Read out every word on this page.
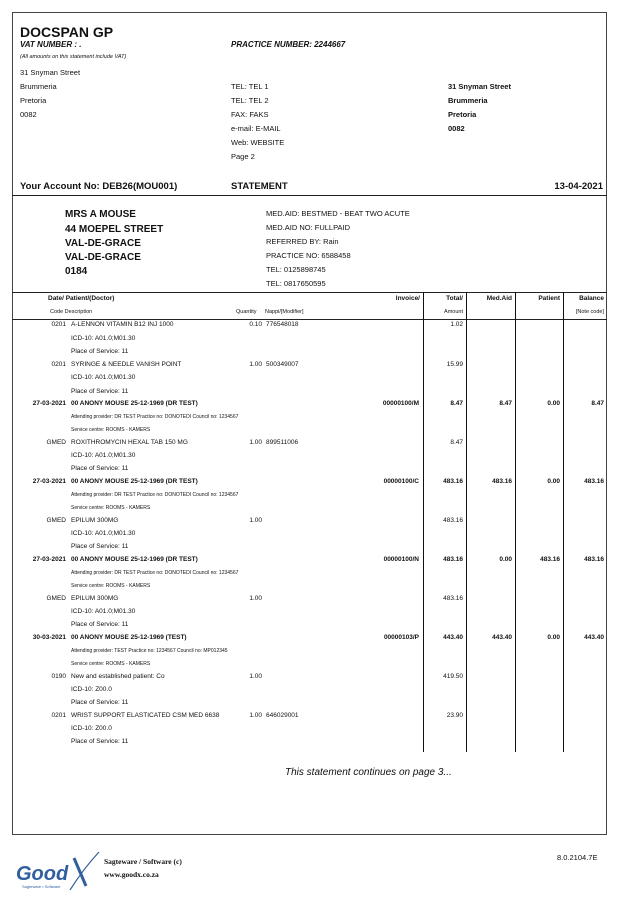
DOCSPAN GP
VAT NUMBER : .	PRACTICE NUMBER: 2244667
(All amounts on this statement include VAT)
31 Snyman Street
Brummeria
Pretoria
0082
TEL: TEL 1
TEL: TEL 2
FAX: FAKS
e-mail: E-MAIL
Web: WEBSITE
Page 2
31 Snyman Street
Brummeria
Pretoria
0082
Your Account No: DEB26(MOU001)	STATEMENT	13-04-2021
MRS A MOUSE
44 MOEPEL STREET
VAL-DE-GRACE
VAL-DE-GRACE
0184
MED.AID: BESTMED - BEAT TWO ACUTE
MED.AID NO: FULLPAID
REFERRED BY: Rain
PRACTICE NO: 6588458
TEL: 0125898745
TEL: 0817650595
Date/ Patient/(Doctor)
Code Description	Quantity Nappi/[Modifier]
Invoice/	Total/
Amount
Med.Aid	Patient	Balance
[Note code]
0201 A-LENNON VITAMIN B12 INJ 1000	0.10 776548018	1.02
ICD-10: A01.0;M01.30
Place of Service: 11
0201 SYRINGE & NEEDLE VANISH POINT	1.00 500349007	15.99
ICD-10: A01.0;M01.30
Place of Service: 11
27-03-2021 00 ANONY MOUSE 25-12-1969 (DR TEST)	00000100/M	8.47	8.47	0.00	8.47
Attending provider: DR TEST Practice no: DONOTEDI Council no: 1234567
Service centre: ROOMS - KAMERS
GMED ROXITHROMYCIN HEXAL TAB 150 MG	1.00 899511006	8.47
ICD-10: A01.0;M01.30
Place of Service: 11
27-03-2021 00 ANONY MOUSE 25-12-1969 (DR TEST)	00000100/C	483.16	483.16	0.00	483.16
Attending provider: DR TEST Practice no: DONOTEDI Council no: 1234567
Service centre: ROOMS - KAMERS
GMED EPILUM 300MG	1.00	483.16
ICD-10: A01.0;M01.30
Place of Service: 11
27-03-2021 00 ANONY MOUSE 25-12-1969 (DR TEST)	00000100/N	483.16	0.00	483.16	483.16
Attending provider: DR TEST Practice no: DONOTEDI Council no: 1234567
Service centre: ROOMS - KAMERS
GMED EPILUM 300MG	1.00	483.16
ICD-10: A01.0;M01.30
Place of Service: 11
30-03-2021 00 ANONY MOUSE 25-12-1969 (TEST)	00000103/P	443.40	443.40	0.00	443.40
Attending provider: TEST Practice no: 1234567 Council no: MP012345
Service centre: ROOMS - KAMERS
0190 New and established patient: Co	1.00	419.50
ICD-10: Z00.0
Place of Service: 11
0201 WRIST SUPPORT ELASTICATED CSM MED 6638	1.00 646029001	23.90
ICD-10: Z00.0
Place of Service: 11
This statement continues on page 3...
Good
Sagteware • Software
Sagteware / Software (c)
www.goodx.co.za
8.0.2104.7E
